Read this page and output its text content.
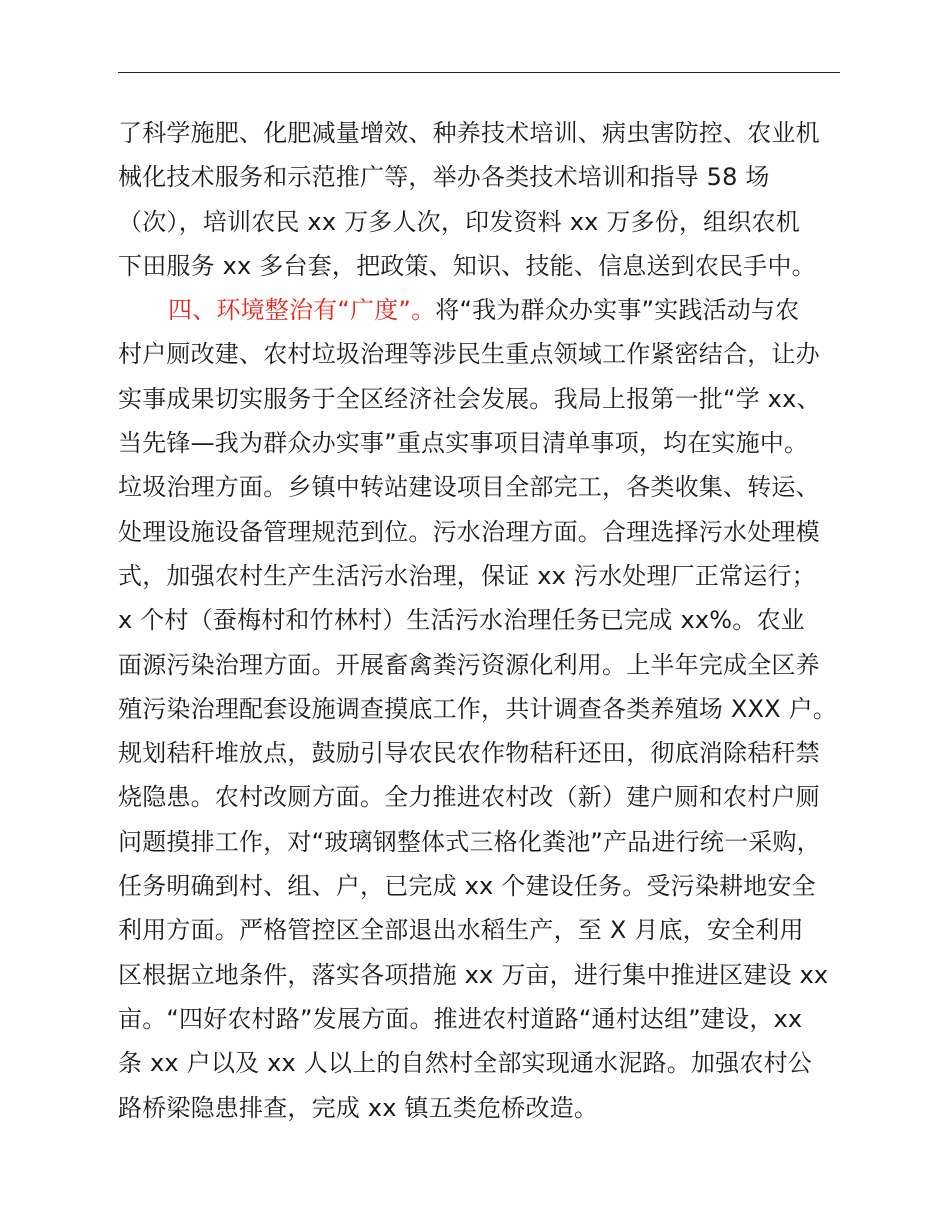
了科学施肥、化肥减量增效、种养技术培训、病虫害防控、农业机
械化技术服务和示范推广等，举办各类技术培训和指导 58 场
（次），培训农民 xx 万多人次，印发资料 xx 万多份，组织农机
下田服务 xx 多台套，把政策、知识、技能、信息送到农民手中。
四、环境整治有“广度”。将“我为群众办实事”实践活动与农
村户厕改建、农村垃圾治理等涉民生重点领域工作紧密结合，让办
实事成果切实服务于全区经济社会发展。我局上报第一批“学 xx、
当先锋—我为群众办实事”重点实事项目清单事项，均在实施中。
垃圾治理方面。乡镇中转站建设项目全部完工，各类收集、转运、
处理设施设备管理规范到位。污水治理方面。合理选择污水处理模
式，加强农村生产生活污水治理，保证 xx 污水处理厂正常运行；
x 个村（蚕梅村和竹林村）生活污水治理任务已完成 xx%。农业
面源污染治理方面。开展畜禽粪污资源化利用。上半年完成全区养
殖污染治理配套设施调查摸底工作，共计调查各类养殖场 XXX 户。
规划秸秆堆放点，鼓励引导农民农作物秸秆还田，彻底消除秸秆禁
烧隐患。农村改厕方面。全力推进农村改（新）建户厕和农村户厕
问题摸排工作，对“玻璃钢整体式三格化粪池”产品进行统一采购，
任务明确到村、组、户，已完成 xx 个建设任务。受污染耕地安全
利用方面。严格管控区全部退出水稻生产，至 X 月底，安全利用
区根据立地条件，落实各项措施 xx 万亩，进行集中推进区建设 xx
亩。“四好农村路”发展方面。推进农村道路“通村达组”建设，xx
条 xx 户以及 xx 人以上的自然村全部实现通水泥路。加强农村公
路桥梁隐患排查，完成 xx 镇五类危桥改造。
